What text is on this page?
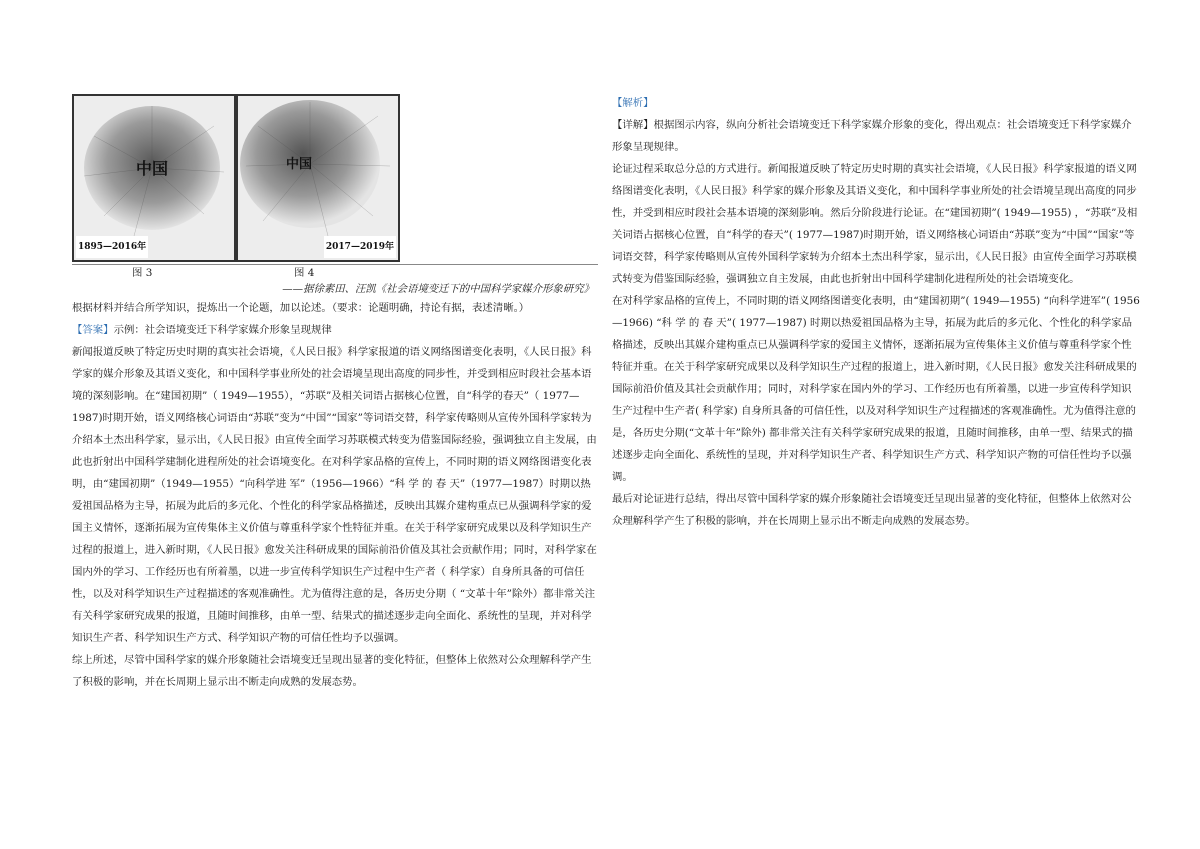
中国
1895—2016年
中国
2017—2019年
图 3	图 4
——据徐素田、汪凯《社会语境变迁下的中国科学家媒介形象研究》

根据材料并结合所学知识，提炼出一个论题，加以论述。（要求：论题明确，持论有据，表述清晰。）

【答案】示例：社会语境变迁下科学家媒介形象呈现规律

新闻报道反映了特定历史时期的真实社会语境，《人民日报》科学家报道的语义网络图谱变化表明，《人民日报》科学家的媒介形象及其语义变化，和中国科学事业所处的社会语境呈现出高度的同步性，并受到相应时段社会基本语境的深刻影响。在“建国初期”（ 1949—1955），“苏联”及相关词语占据核心位置，自“科学的春天”（ 1977—1987)时期开始，语义网络核心词语由“苏联”变为“中国”“国家”等词语交替，科学家传略则从宣传外国科学家转为介绍本土杰出科学家，显示出，《人民日报》由宣传全面学习苏联模式转变为借鉴国际经验，强调独立自主发展，由此也折射出中国科学建制化进程所处的社会语境变化。在对科学家品格的宣传上，不同时期的语义网络图谱变化表明，由“建国初期”（1949—1955）“向科学进 军”（1956—1966）“科 学 的 春 天”（1977—1987）时期以热爱祖国品格为主导，拓展为此后的多元化、个性化的科学家品格描述，反映出其媒介建构重点已从强调科学家的爱国主义情怀，逐渐拓展为宣传集体主义价值与尊重科学家个性特征并重。在关于科学家研究成果以及科学知识生产过程的报道上，进入新时期，《人民日报》愈发关注科研成果的国际前沿价值及其社会贡献作用；同时，对科学家在国内外的学习、工作经历也有所着墨，以进一步宣传科学知识生产过程中生产者（ 科学家）自身所具备的可信任性，以及对科学知识生产过程描述的客观准确性。尤为值得注意的是，各历史分期（ “文革十年”除外）都非常关注有关科学家研究成果的报道，且随时间推移，由单一型、结果式的描述逐步走向全面化、系统性的呈现，并对科学知识生产者、科学知识生产方式、科学知识产物的可信任性均予以强调。

综上所述，尽管中国科学家的媒介形象随社会语境变迁呈现出显著的变化特征，但整体上依然对公众理解科学产生了积极的影响，并在长周期上显示出不断走向成熟的发展态势。

【解析】

【详解】根据图示内容，纵向分析社会语境变迁下科学家媒介形象的变化，得出观点：社会语境变迁下科学家媒介形象呈现规律。

论证过程采取总分总的方式进行。新闻报道反映了特定历史时期的真实社会语境，《人民日报》科学家报道的语义网络图谱变化表明，《人民日报》科学家的媒介形象及其语义变化，和中国科学事业所处的社会语境呈现出高度的同步性，并受到相应时段社会基本语境的深刻影响。然后分阶段进行论证。在“建国初期”( 1949—1955) ，“苏联”及相关词语占据核心位置，自“科学的春天”( 1977—1987)时期开始，语义网络核心词语由“苏联”变为“中国”“国家”等词语交替，科学家传略则从宣传外国科学家转为介绍本土杰出科学家，显示出，《人民日报》由宣传全面学习苏联模式转变为借鉴国际经验，强调独立自主发展，由此也折射出中国科学建制化进程所处的社会语境变化。

在对科学家品格的宣传上，不同时期的语义网络图谱变化表明，由“建国初期”( 1949—1955) “向科学进军”( 1956—1966) “科 学 的 春 天”( 1977—1987) 时期以热爱祖国品格为主导，拓展为此后的多元化、个性化的科学家品格描述，反映出其媒介建构重点已从强调科学家的爱国主义情怀，逐渐拓展为宣传集体主义价值与尊重科学家个性特征并重。在关于科学家研究成果以及科学知识生产过程的报道上，进入新时期，《人民日报》愈发关注科研成果的国际前沿价值及其社会贡献作用；同时，对科学家在国内外的学习、工作经历也有所着墨，以进一步宣传科学知识生产过程中生产者( 科学家) 自身所具备的可信任性，以及对科学知识生产过程描述的客观准确性。尤为值得注意的是，各历史分期(“文革十年”除外) 都非常关注有关科学家研究成果的报道，且随时间推移，由单一型、结果式的描述逐步走向全面化、系统性的呈现，并对科学知识生产者、科学知识生产方式、科学知识产物的可信任性均予以强调。

最后对论证进行总结，得出尽管中国科学家的媒介形象随社会语境变迁呈现出显著的变化特征，但整体上依然对公众理解科学产生了积极的影响，并在长周期上显示出不断走向成熟的发展态势。
